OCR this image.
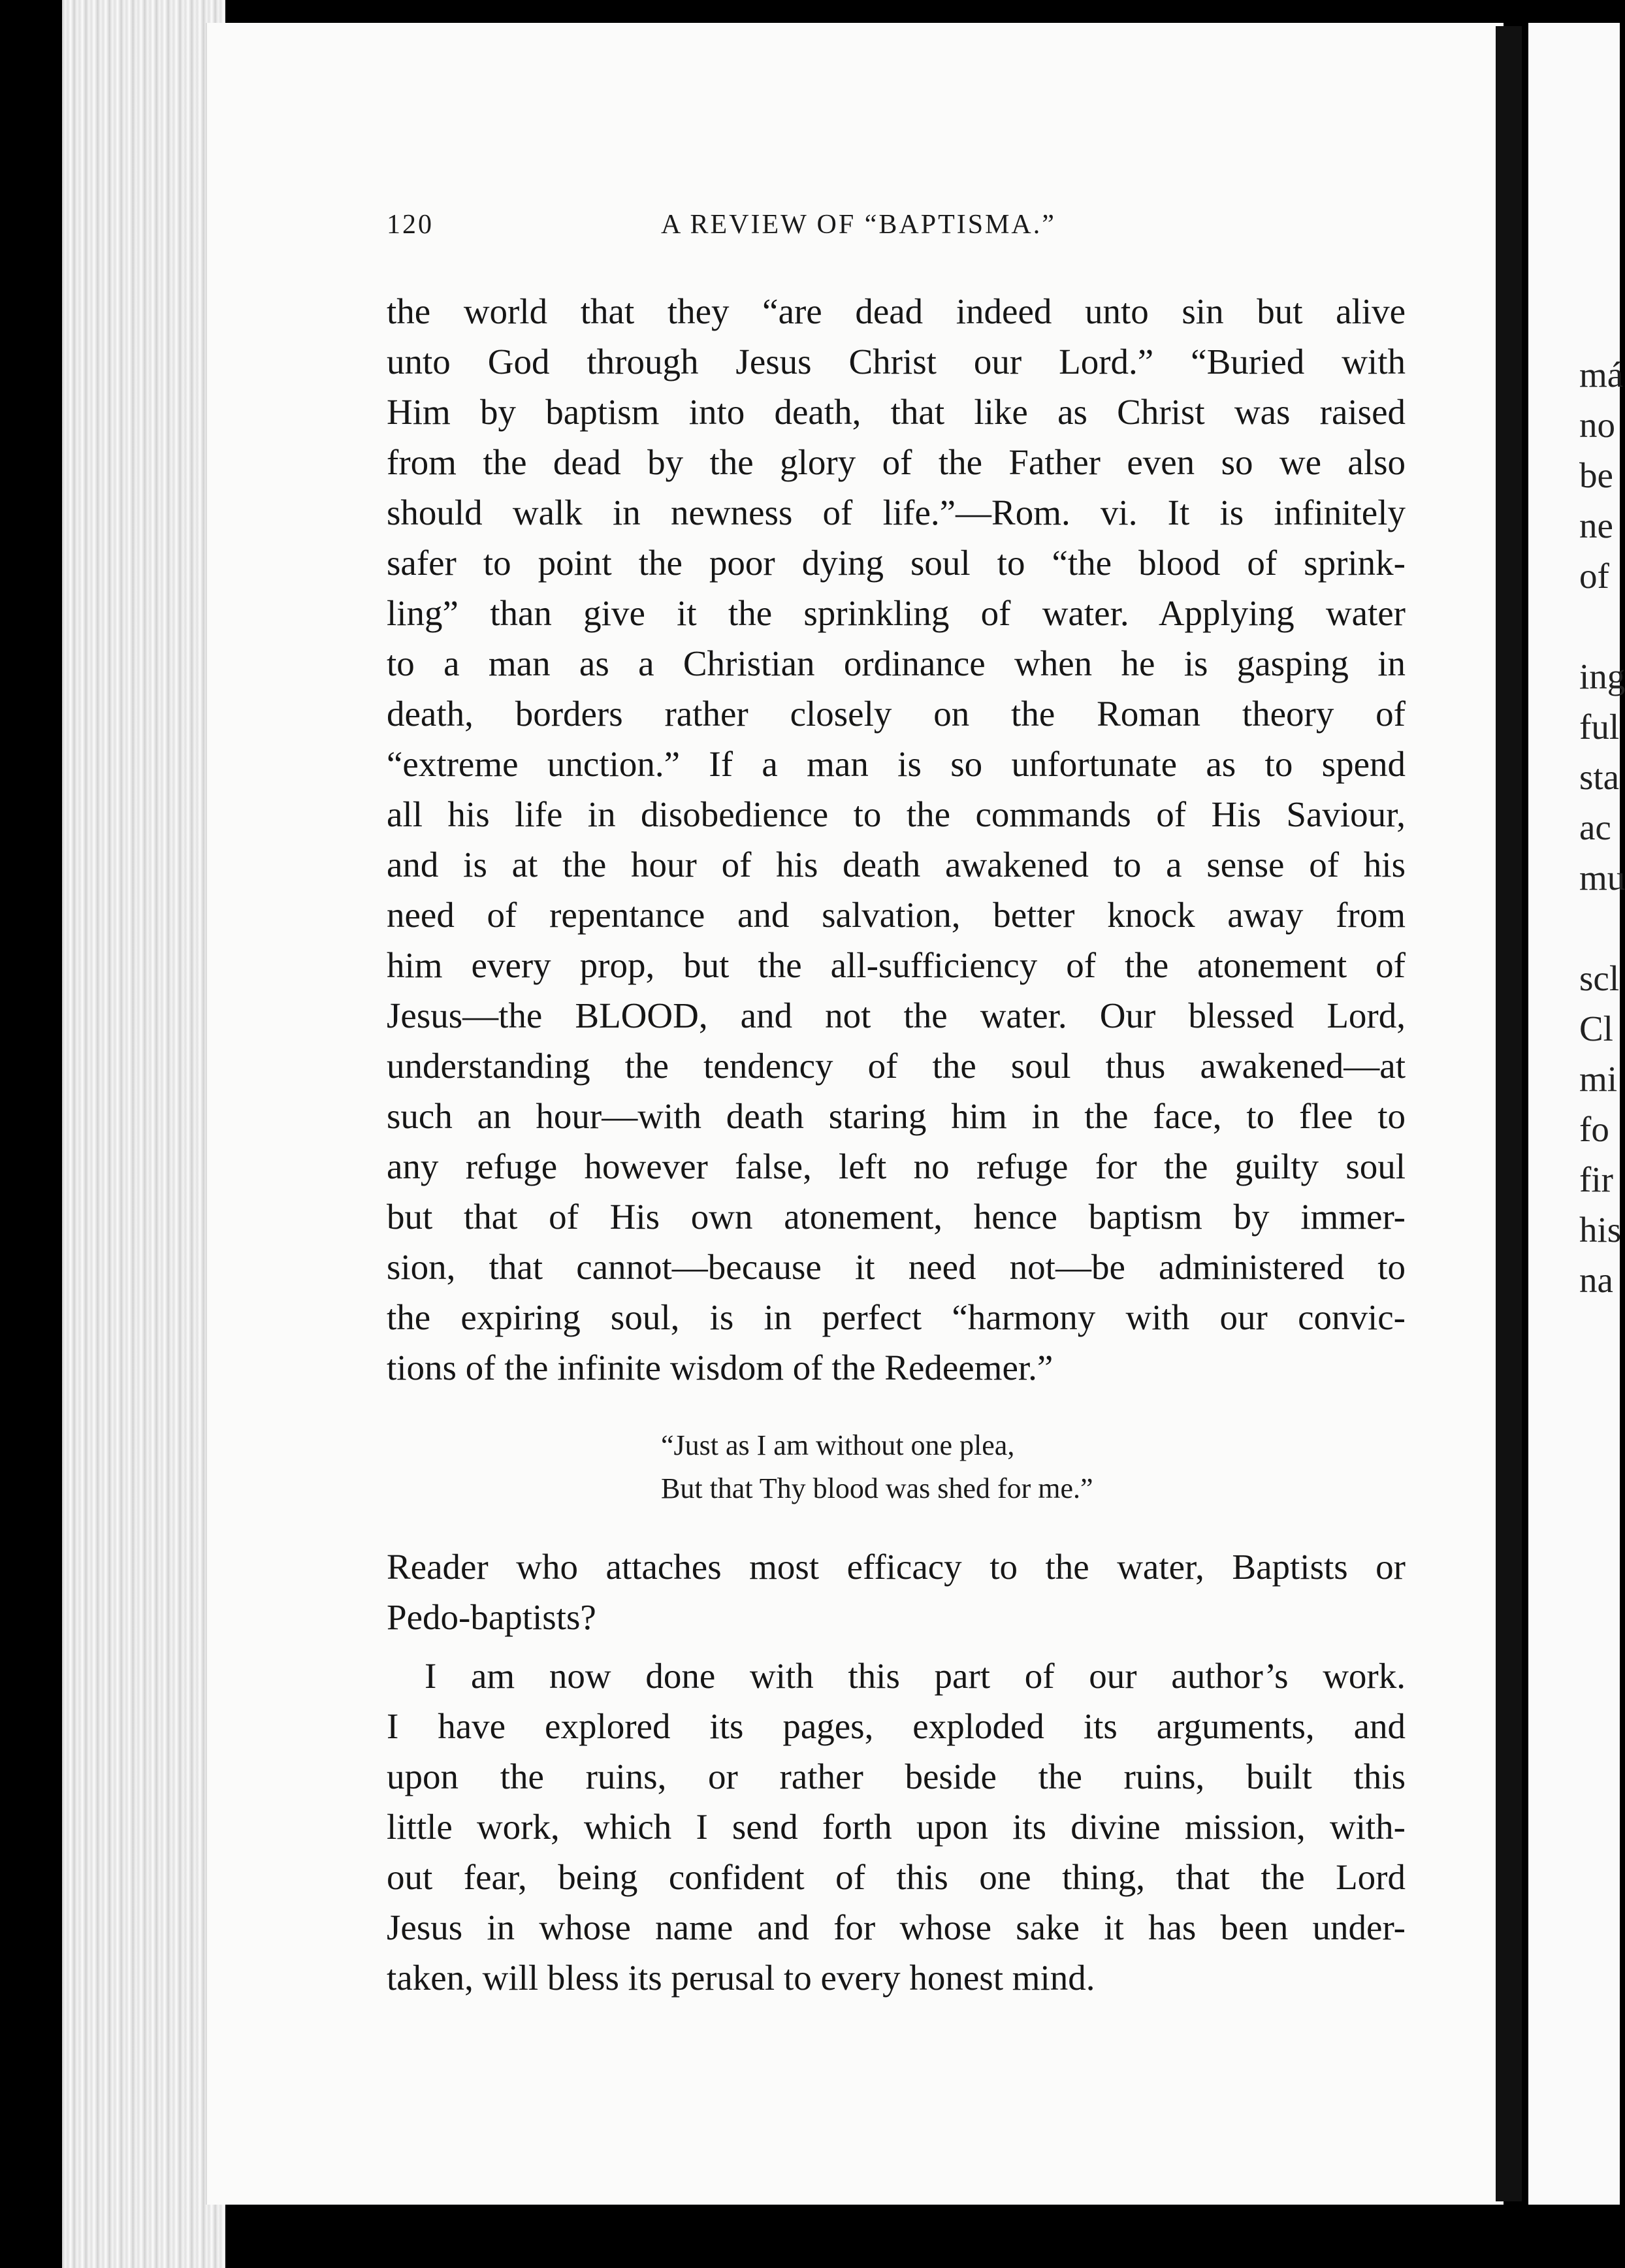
má
no
be
ne
of
ing
ful
sta
ac
mu
scl
Cl
mi
fo
fir
his
na
120	A REVIEW OF “BAPTISMA.”
the world that they “are dead indeed unto sin but alive
unto God through Jesus Christ our Lord.” “Buried with
Him by baptism into death, that like as Christ was raised
from the dead by the glory of the Father even so we also
should walk in newness of life.”—Rom. vi. It is infinitely
safer to point the poor dying soul to “the blood of sprink-
ling” than give it the sprinkling of water. Applying water
to a man as a Christian ordinance when he is gasping in
death, borders rather closely on the Roman theory of
“extreme unction.” If a man is so unfortunate as to spend
all his life in disobedience to the commands of His Saviour,
and is at the hour of his death awakened to a sense of his
need of repentance and salvation, better knock away from
him every prop, but the all-sufficiency of the atonement of
Jesus—the BLOOD, and not the water. Our blessed Lord,
understanding the tendency of the soul thus awakened—at
such an hour—with death staring him in the face, to flee to
any refuge however false, left no refuge for the guilty soul
but that of His own atonement, hence baptism by immer-
sion, that cannot—because it need not—be administered to
the expiring soul, is in perfect “harmony with our convic-
tions of the infinite wisdom of the Redeemer.”
“Just as I am without one plea,
But that Thy blood was shed for me.”
Reader who attaches most efficacy to the water, Baptists or
Pedo-baptists?
I am now done with this part of our author’s work.
I have explored its pages, exploded its arguments, and
upon the ruins, or rather beside the ruins, built this
little work, which I send forth upon its divine mission, with-
out fear, being confident of this one thing, that the Lord
Jesus in whose name and for whose sake it has been under-
taken, will bless its perusal to every honest mind.
